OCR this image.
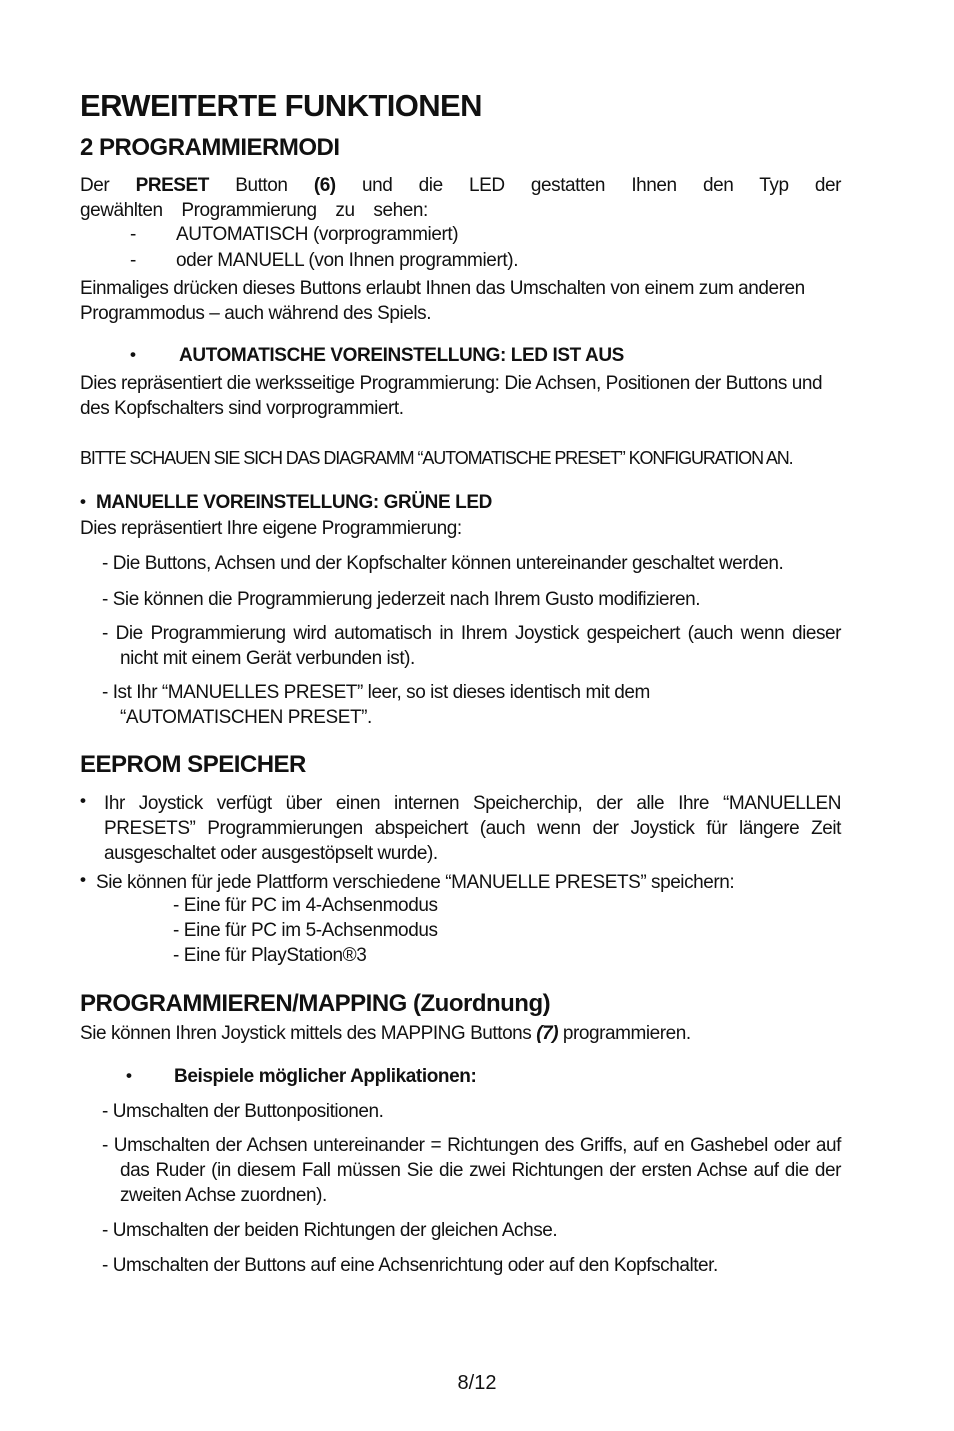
ERWEITERTE FUNKTIONEN
2 PROGRAMMIERMODI

Der PRESET Button (6) und die LED gestatten Ihnen den Typ der gewählten Programmierung zu sehen:

- AUTOMATISCH (vorprogrammiert)
- oder MANUELL (von Ihnen programmiert).

Einmaliges drücken dieses Buttons erlaubt Ihnen das Umschalten von einem zum anderen Programmodus – auch während des Spiels.

• AUTOMATISCHE VOREINSTELLUNG: LED IST AUS

Dies repräsentiert die werksseitige Programmierung: Die Achsen, Positionen der Buttons und des Kopfschalters sind vorprogrammiert.

BITTE SCHAUEN SIE SICH DAS DIAGRAMM “AUTOMATISCHE PRESET” KONFIGURATION AN.

• MANUELLE VOREINSTELLUNG: GRÜNE LED

Dies repräsentiert Ihre eigene Programmierung:

- Die Buttons, Achsen und der Kopfschalter können untereinander geschaltet werden.

- Sie können die Programmierung jederzeit nach Ihrem Gusto modifizieren.

- Die Programmierung wird automatisch in Ihrem Joystick gespeichert (auch wenn dieser nicht mit einem Gerät verbunden ist).

- Ist Ihr “MANUELLES PRESET” leer, so ist dieses identisch mit dem “AUTOMATISCHEN PRESET”.

EEPROM SPEICHER
• Ihr Joystick verfügt über einen internen Speicherchip, der alle Ihre “MANUELLEN PRESETS” Programmierungen abspeichert (auch wenn der Joystick für längere Zeit ausgeschaltet oder ausgestöpselt wurde).

• Sie können für jede Plattform verschiedene “MANUELLE PRESETS” speichern:

- Eine für PC im 4-Achsenmodus
- Eine für PC im 5-Achsenmodus
- Eine für PlayStation®3
PROGRAMMIEREN/MAPPING (Zuordnung)

Sie können Ihren Joystick mittels des MAPPING Buttons (7) programmieren.

• Beispiele möglicher Applikationen:

- Umschalten der Buttonpositionen.

- Umschalten der Achsen untereinander = Richtungen des Griffs, auf en Gashebel oder auf das Ruder (in diesem Fall müssen Sie die zwei Richtungen der ersten Achse auf die der zweiten Achse zuordnen).

- Umschalten der beiden Richtungen der gleichen Achse.

- Umschalten der Buttons auf eine Achsenrichtung oder auf den Kopfschalter.

8/12
